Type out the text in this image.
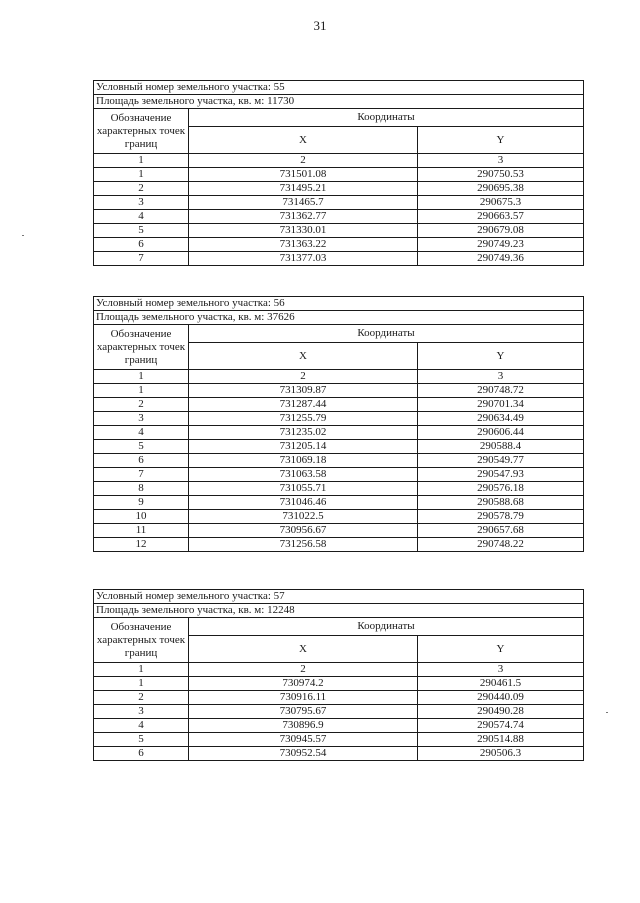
31
Условный номер земельного участка: 55		
Площадь земельного участка, кв. м: 11730		
Обозначение характерных точек границ	Координаты	
	X	Y
1	2	3
1	731501.08	290750.53
2	731495.21	290695.38
3	731465.7	290675.3
4	731362.77	290663.57
5	731330.01	290679.08
6	731363.22	290749.23
7	731377.03	290749.36
Условный номер земельного участка: 56		
Площадь земельного участка, кв. м: 37626		
Обозначение характерных точек границ	Координаты	
	X	Y
1	2	3
1	731309.87	290748.72
2	731287.44	290701.34
3	731255.79	290634.49
4	731235.02	290606.44
5	731205.14	290588.4
6	731069.18	290549.77
7	731063.58	290547.93
8	731055.71	290576.18
9	731046.46	290588.68
10	731022.5	290578.79
11	730956.67	290657.68
12	731256.58	290748.22
Условный номер земельного участка: 57		
Площадь земельного участка, кв. м: 12248		
Обозначение характерных точек границ	Координаты	
	X	Y
1	2	3
1	730974.2	290461.5
2	730916.11	290440.09
3	730795.67	290490.28
4	730896.9	290574.74
5	730945.57	290514.88
6	730952.54	290506.3
